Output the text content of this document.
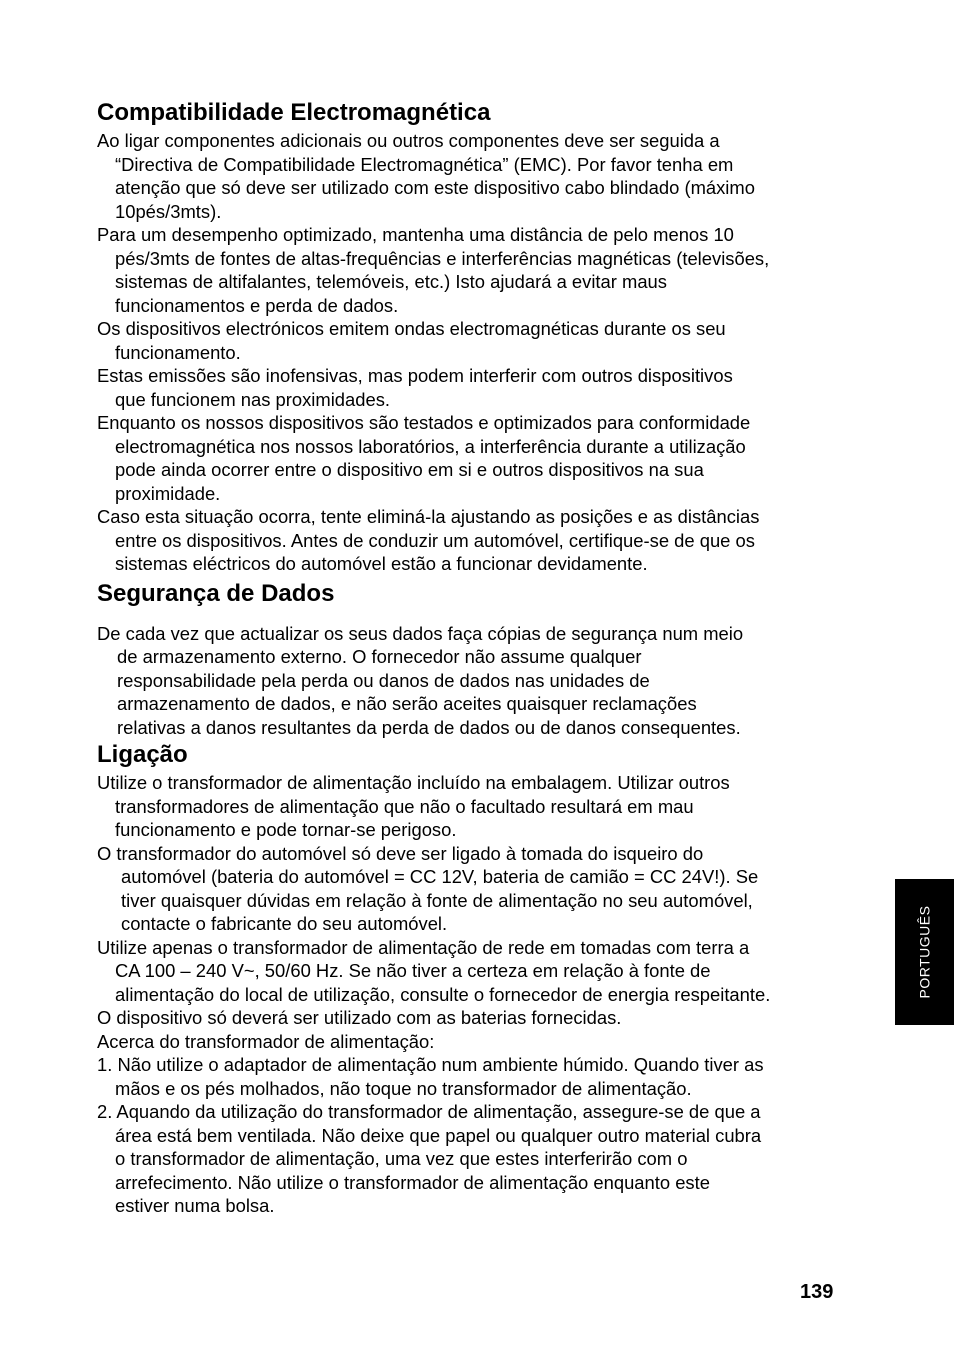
Compatibilidade Electromagnética

Ao ligar componentes adicionais ou outros componentes deve ser seguida a
“Directiva de Compatibilidade Electromagnética” (EMC). Por favor tenha em
atenção que só deve ser utilizado com este dispositivo cabo blindado (máximo
10pés/3mts).

Para um desempenho optimizado, mantenha uma distância de pelo menos 10
pés/3mts de fontes de altas-frequências e interferências magnéticas (televisões,
sistemas de altifalantes, telemóveis, etc.) Isto ajudará a evitar maus
funcionamentos e perda de dados.

Os dispositivos electrónicos emitem ondas electromagnéticas durante os seu
funcionamento.

Estas emissões são inofensivas, mas podem interferir com outros dispositivos
que funcionem nas proximidades.

Enquanto os nossos dispositivos são testados e optimizados para conformidade
electromagnética nos nossos laboratórios, a interferência durante a utilização
pode ainda ocorrer entre o dispositivo em si e outros dispositivos na sua
proximidade.

Caso esta situação ocorra, tente eliminá-la ajustando as posições e as distâncias
entre os dispositivos. Antes de conduzir um automóvel, certifique-se de que os
sistemas eléctricos do automóvel estão a funcionar devidamente.

Segurança de Dados

De cada vez que actualizar os seus dados faça cópias de segurança num meio
de armazenamento externo. O fornecedor não assume qualquer
responsabilidade pela perda ou danos de dados nas unidades de
armazenamento de dados, e não serão aceites quaisquer reclamações
relativas a danos resultantes da perda de dados ou de danos consequentes.

Ligação

Utilize o transformador de alimentação incluído na embalagem. Utilizar outros
transformadores de alimentação que não o facultado resultará em mau
funcionamento e pode tornar-se perigoso.

O transformador do automóvel só deve ser ligado à tomada do isqueiro do
automóvel (bateria do automóvel = CC 12V, bateria de camião = CC 24V!). Se
tiver quaisquer dúvidas em relação à fonte de alimentação no seu automóvel,
contacte o fabricante do seu automóvel.

Utilize apenas o transformador de alimentação de rede em tomadas com terra a
CA 100 – 240 V~, 50/60 Hz. Se não tiver a certeza em relação à fonte de
alimentação do local de utilização, consulte o fornecedor de energia respeitante.

O dispositivo só deverá ser utilizado com as baterias fornecidas.

Acerca do transformador de alimentação:

1. Não utilize o adaptador de alimentação num ambiente húmido. Quando tiver as
mãos e os pés molhados, não toque no transformador de alimentação.

2. Aquando da utilização do transformador de alimentação, assegure-se de que a
área está bem ventilada. Não deixe que papel ou qualquer outro material cubra
o transformador de alimentação, uma vez que estes interferirão com o
arrefecimento. Não utilize o transformador de alimentação enquanto este
estiver numa bolsa.

PORTUGUÊS
139
